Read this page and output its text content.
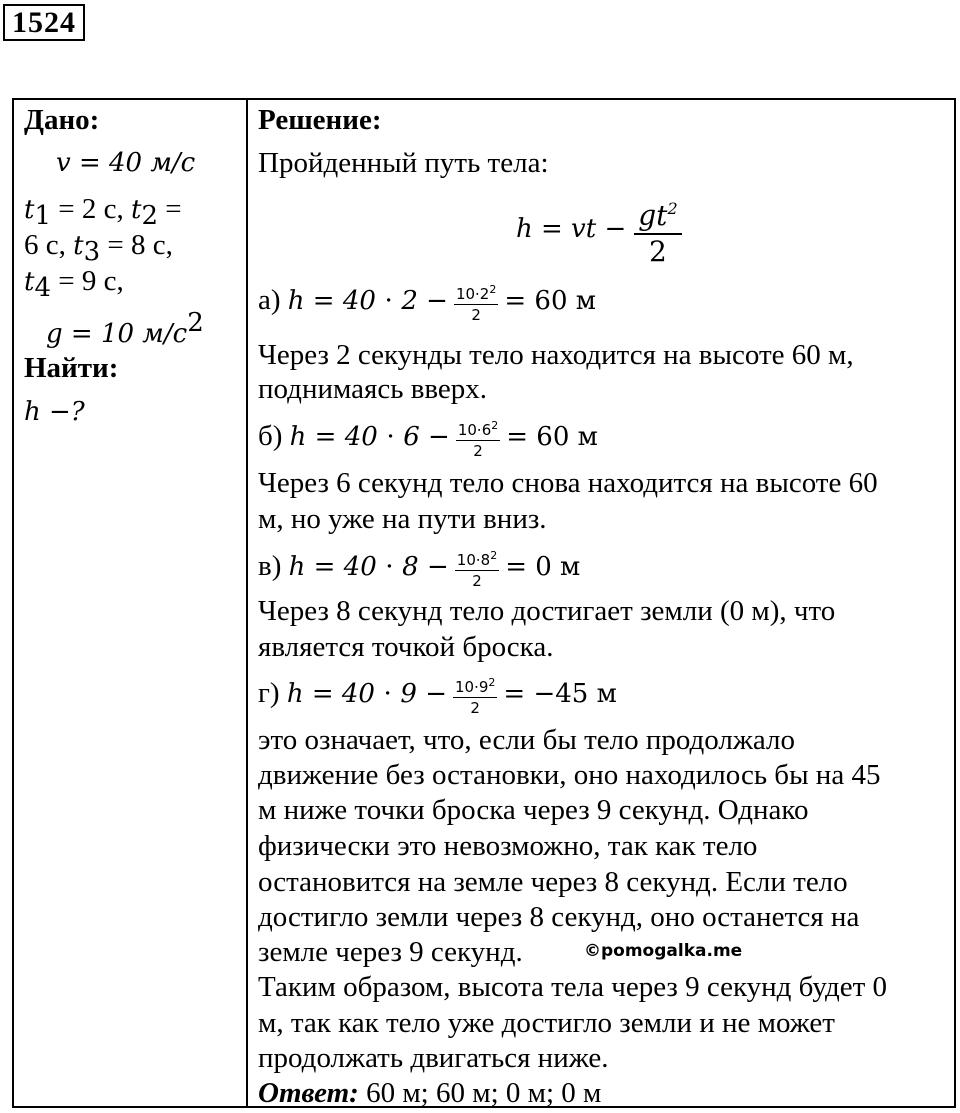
1524
Дано:
𝑣 = 40 м/с
𝑡$_1$ = 2 с, 𝑡$_2$ =
6 с, 𝑡$_3$ = 8 с,
𝑡$_4$ = 9 с,
𝑔 = 10 $м/с^2$
Найти:
ℎ −?
Решение:
Пройденный путь тела:
ℎ = 𝑣𝑡 − $\frac{𝑔𝑡^2}{2}$
а) ℎ = $40 \cdot 2 - \frac{10\cdot 2^2}{2} = 60$ м
Через 2 секунды тело находится на высоте 60 м,
поднимаясь вверх.
б) ℎ = $40 \cdot 6 - \frac{10\cdot 6^2}{2} = 60$ м
Через 6 секунд тело снова находится на высоте 60
м, но уже на пути вниз.
в) ℎ = $40 \cdot 8 - \frac{10\cdot 8^2}{2} = 0$ м
Через 8 секунд тело достигает земли (0 м), что
является точкой броска.
г) ℎ = $40 \cdot 9 - \frac{10\cdot 9^2}{2} = -45$ м
это означает, что, если бы тело продолжало
движение без остановки, оно находилось бы на 45
м ниже точки броска через 9 секунд. Однако
физически это невозможно, так как тело
остановится на земле через 8 секунд. Если тело
достигло земли через 8 секунд, оно останется на
земле через 9 секунд.
Таким образом, высота тела через 9 секунд будет 0
м, так как тело уже достигло земли и не может
продолжать двигаться ниже.
Ответ: 60 м; 60 м; 0 м; 0 м
©pomogalka.me
